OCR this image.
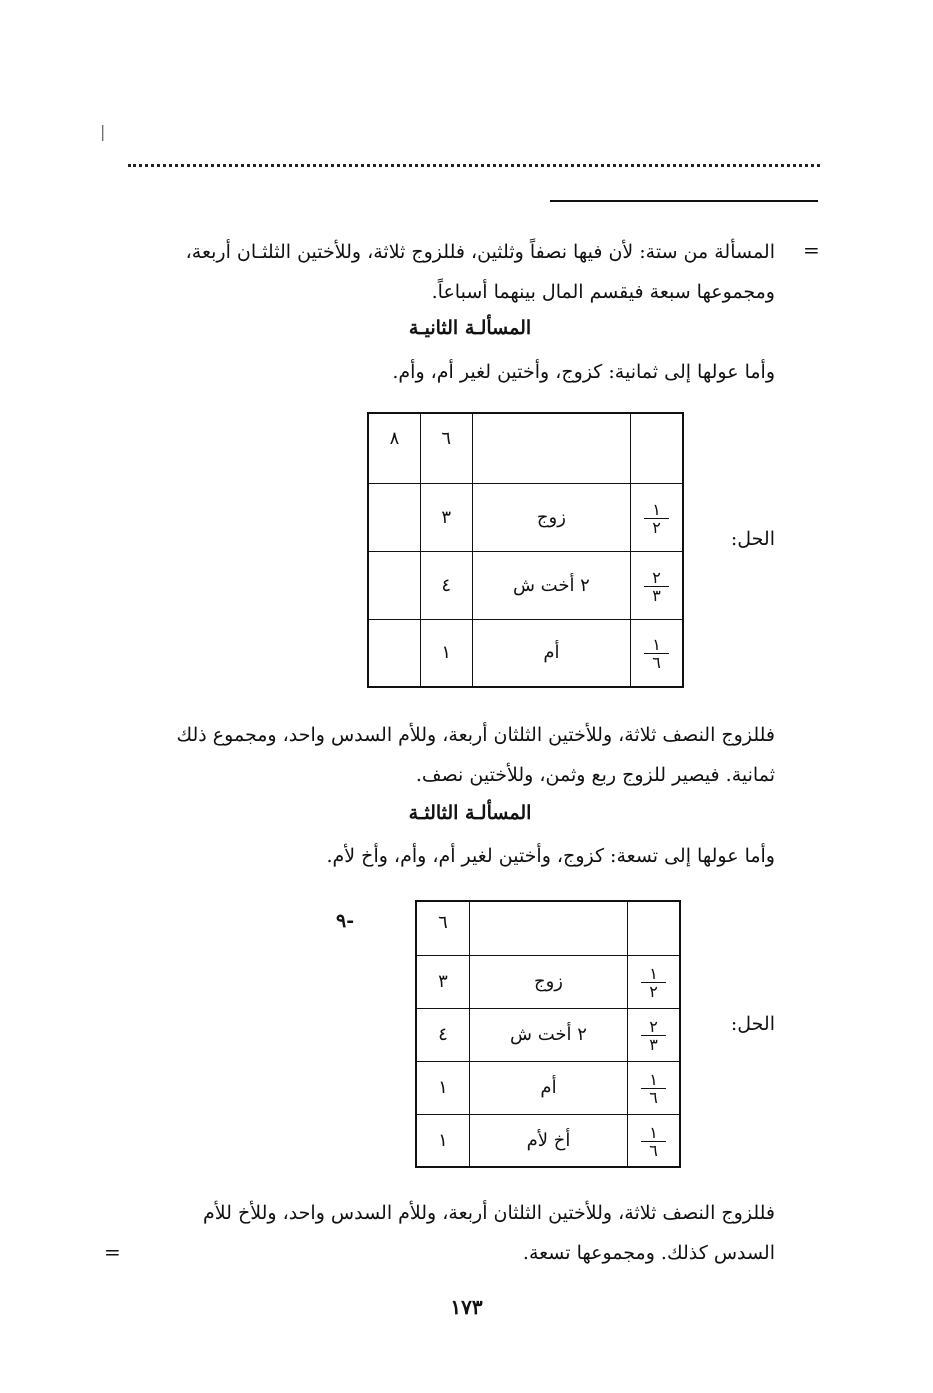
|
=
المسألة من ستة: لأن فيها نصفاً وثلثين، فللزوج ثلاثة، وللأختين الثلثـان أربعة،
ومجموعها سبعة فيقسم المال بينهما أسباعاً.
المسألـة الثانيـة
وأما عولها إلى ثمانية: كزوج، وأختين لغير أم، وأم.
الحل:
		٦	٨

$\frac{١}{٢}$	زوج	٣	

$\frac{٢}{٣}$	٢ أخت ش	٤	

$\frac{١}{٦}$	أم	١	
فللزوج النصف ثلاثة، وللأختين الثلثان أربعة، وللأم السدس واحد، ومجموع ذلك
ثمانية. فيصير للزوج ربع وثمن، وللأختين نصف.
المسألـة الثالثـة
وأما عولها إلى تسعة: كزوج، وأختين لغير أم، وأم، وأخ لأم.
٩-
الحل:
		٦

$\frac{١}{٢}$	زوج	٣

$\frac{٢}{٣}$	٢ أخت ش	٤

$\frac{١}{٦}$	أم	١

$\frac{١}{٦}$	أخ لأم	١
فللزوج النصف ثلاثة، وللأختين الثلثان أربعة، وللأم السدس واحد، وللأخ للأم
السدس كذلك. ومجموعها تسعة.
=
١٧٣
